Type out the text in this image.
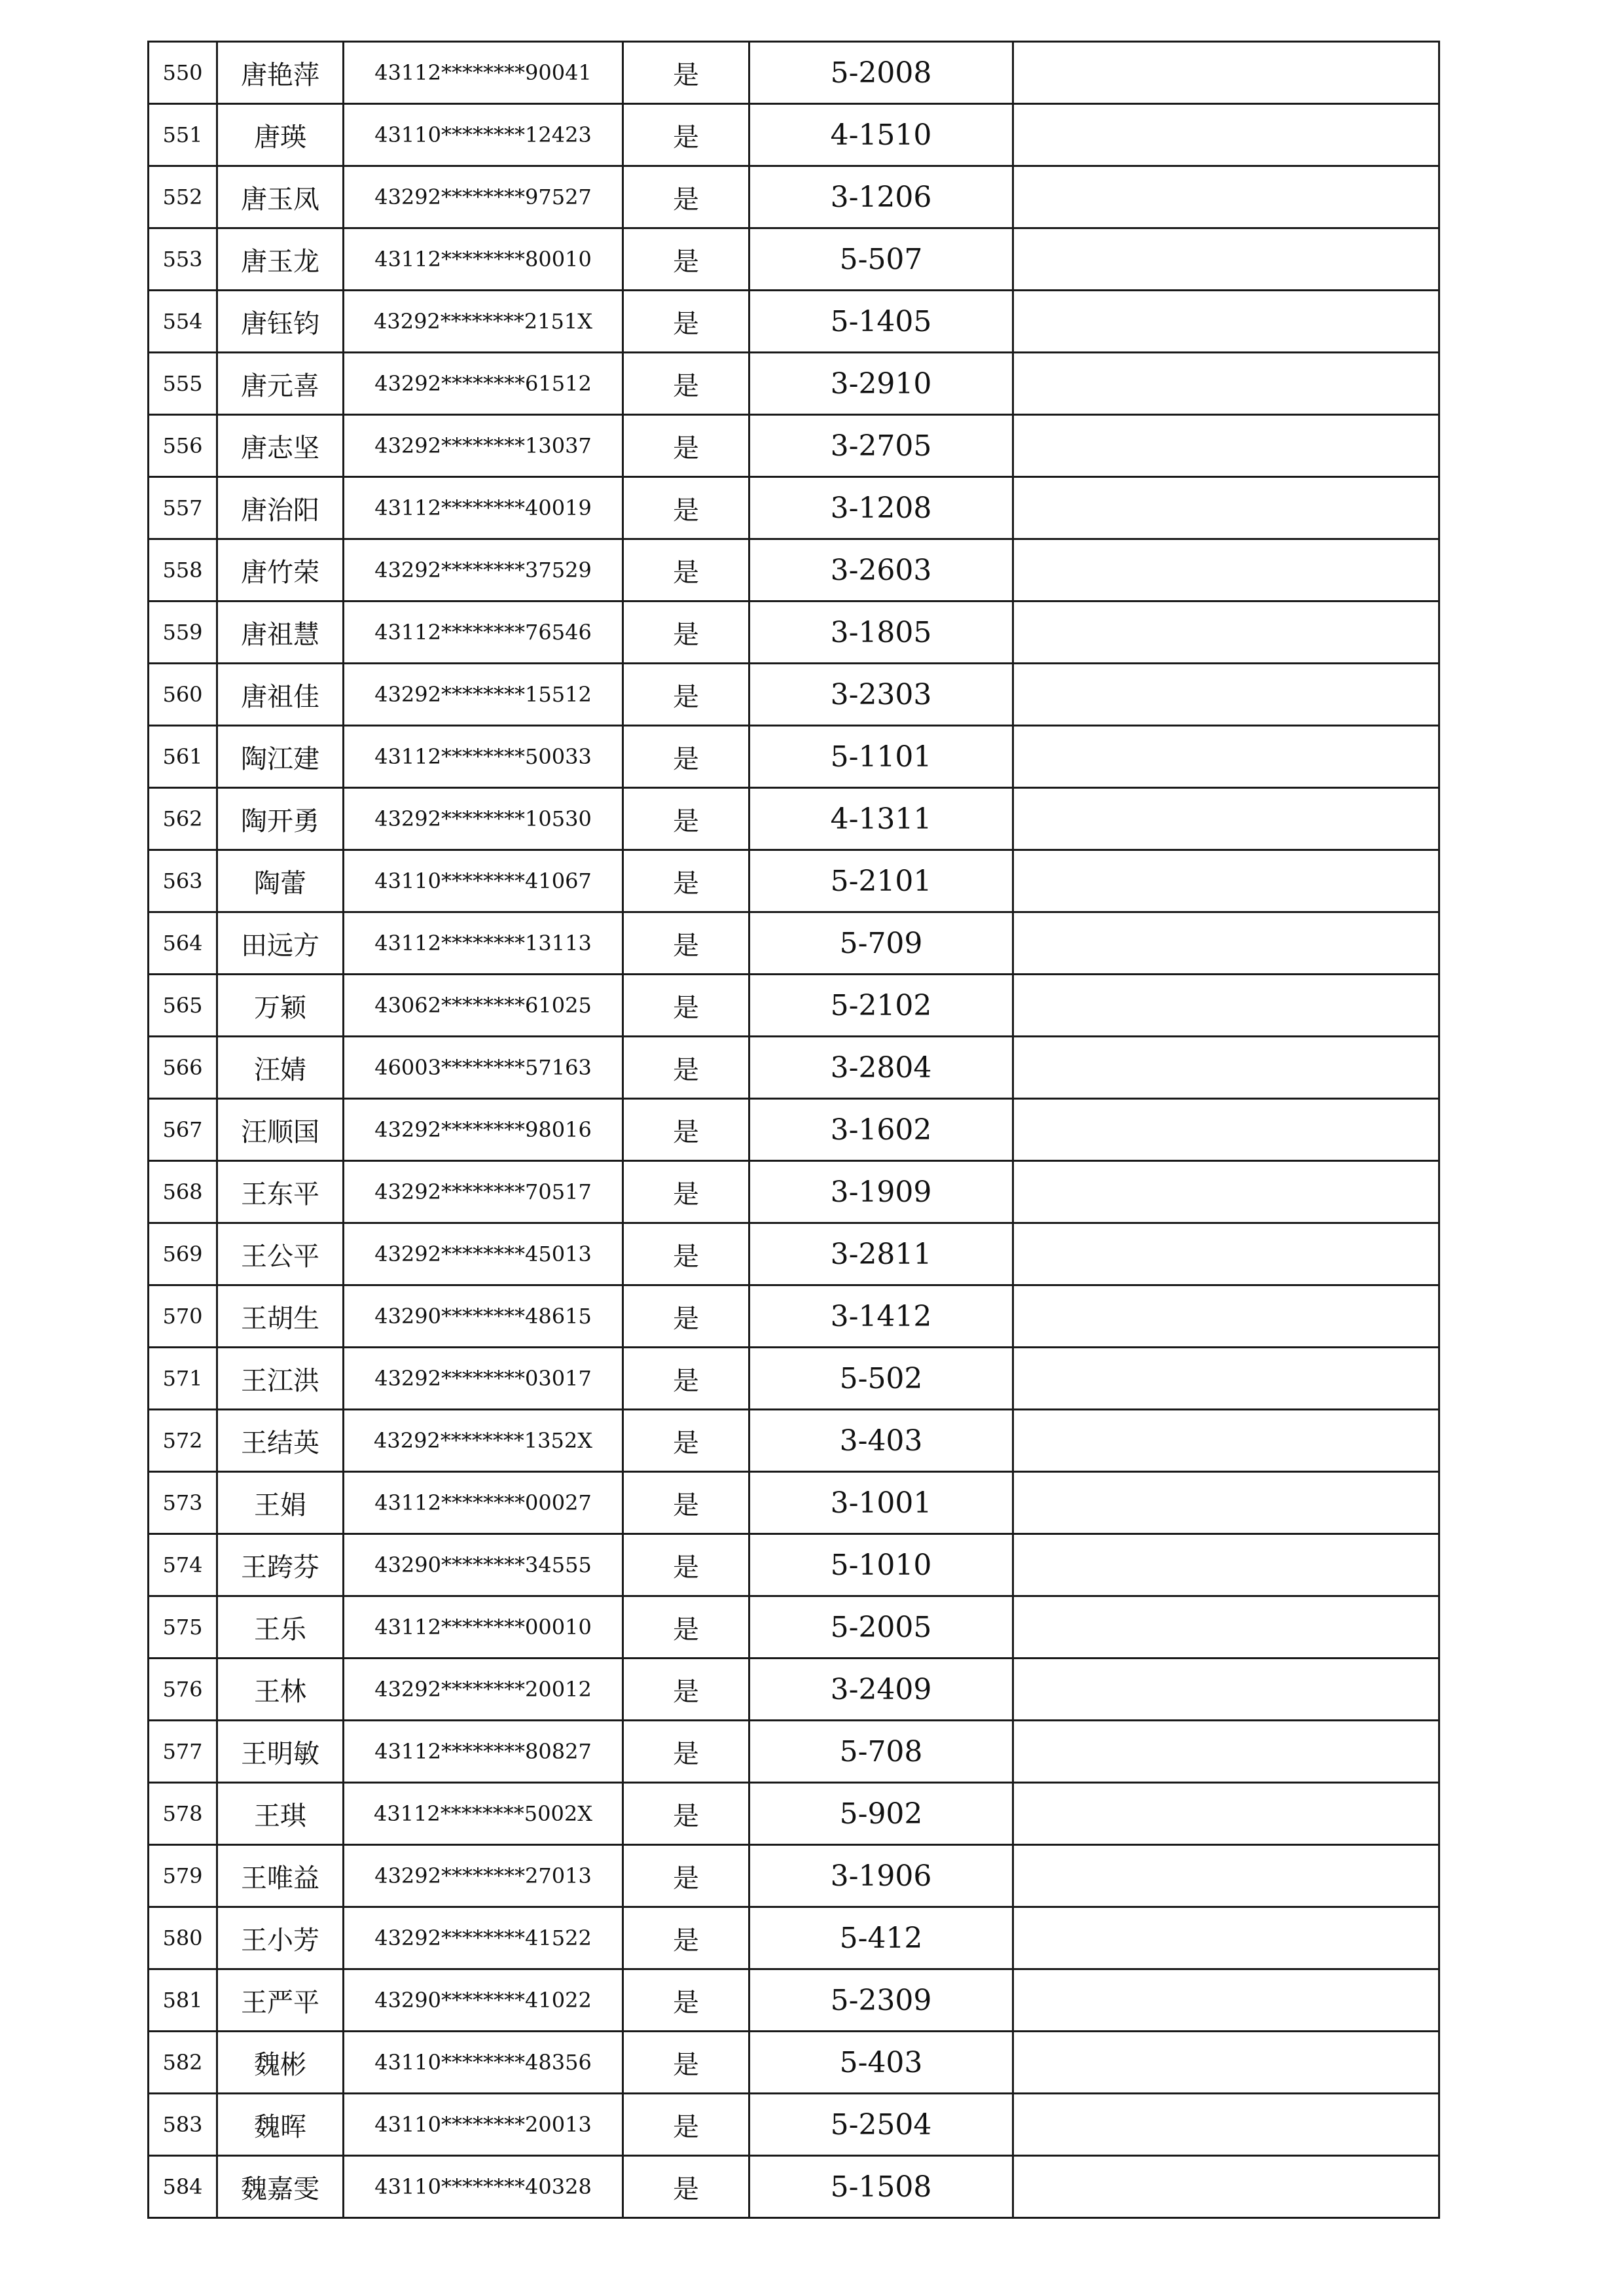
550	唐艳萍	43112********90041	是	5-2008	
551	唐瑛	43110********12423	是	4-1510	
552	唐玉凤	43292********97527	是	3-1206	
553	唐玉龙	43112********80010	是	5-507	
554	唐钰钧	43292********2151X	是	5-1405	
555	唐元喜	43292********61512	是	3-2910	
556	唐志坚	43292********13037	是	3-2705	
557	唐治阳	43112********40019	是	3-1208	
558	唐竹荣	43292********37529	是	3-2603	
559	唐祖慧	43112********76546	是	3-1805	
560	唐祖佳	43292********15512	是	3-2303	
561	陶江建	43112********50033	是	5-1101	
562	陶开勇	43292********10530	是	4-1311	
563	陶蕾	43110********41067	是	5-2101	
564	田远方	43112********13113	是	5-709	
565	万颖	43062********61025	是	5-2102	
566	汪婧	46003********57163	是	3-2804	
567	汪顺国	43292********98016	是	3-1602	
568	王东平	43292********70517	是	3-1909	
569	王公平	43292********45013	是	3-2811	
570	王胡生	43290********48615	是	3-1412	
571	王江洪	43292********03017	是	5-502	
572	王结英	43292********1352X	是	3-403	
573	王娟	43112********00027	是	3-1001	
574	王跨芬	43290********34555	是	5-1010	
575	王乐	43112********00010	是	5-2005	
576	王林	43292********20012	是	3-2409	
577	王明敏	43112********80827	是	5-708	
578	王琪	43112********5002X	是	5-902	
579	王唯益	43292********27013	是	3-1906	
580	王小芳	43292********41522	是	5-412	
581	王严平	43290********41022	是	5-2309	
582	魏彬	43110********48356	是	5-403	
583	魏晖	43110********20013	是	5-2504	
584	魏嘉雯	43110********40328	是	5-1508	
